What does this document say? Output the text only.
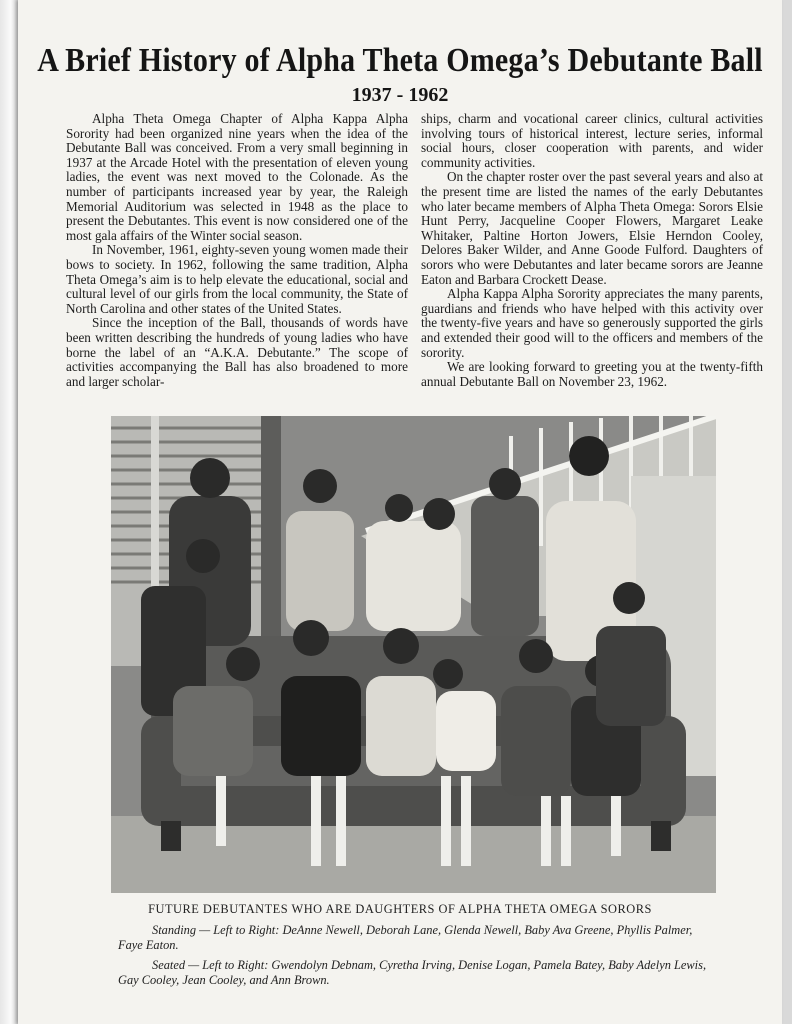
A Brief History of Alpha Theta Omega’s Debutante Ball
1937 - 1962

Alpha Theta Omega Chapter of Alpha Kappa Alpha Sorority had been organized nine years when the idea of the Debutante Ball was conceived. From a very small beginning in 1937 at the Arcade Hotel with the presentation of eleven young ladies, the event was next moved to the Colonade. As the number of participants increased year by year, the Raleigh Memorial Auditorium was selected in 1948 as the place to present the Debutantes. This event is now considered one of the most gala affairs of the Winter social season.

In November, 1961, eighty-seven young women made their bows to society. In 1962, following the same tradition, Alpha Theta Omega’s aim is to help elevate the educational, social and cultural level of our girls from the local community, the State of North Carolina and other states of the United States.

Since the inception of the Ball, thousands of words have been written describing the hundreds of young ladies who have borne the label of an “A.K.A. Debutante.” The scope of activities accompanying the Ball has also broadened to more and larger scholar-

ships, charm and vocational career clinics, cultural activities involving tours of historical interest, lecture series, informal social hours, closer cooperation with parents, and wider community activities.

On the chapter roster over the past several years and also at the present time are listed the names of the early Debutantes who later became members of Alpha Theta Omega: Sorors Elsie Hunt Perry, Jacqueline Cooper Flowers, Margaret Leake Whitaker, Paltine Horton Jowers, Elsie Herndon Cooley, Delores Baker Wilder, and Anne Goode Fulford. Daughters of sorors who were Debutantes and later became sorors are Jeanne Eaton and Barbara Crockett Dease.

Alpha Kappa Alpha Sorority appreciates the many parents, guardians and friends who have helped with this activity over the twenty-five years and have so generously supported the girls and extended their good will to the officers and members of the sorority.

We are looking forward to greeting you at the twenty-fifth annual Debutante Ball on November 23, 1962.

FUTURE DEBUTANTES WHO ARE DAUGHTERS OF ALPHA THETA OMEGA SORORS

Standing — Left to Right: DeAnne Newell, Deborah Lane, Glenda Newell, Baby Ava Greene, Phyllis Palmer, Faye Eaton.

Seated — Left to Right: Gwendolyn Debnam, Cyretha Irving, Denise Logan, Pamela Batey, Baby Adelyn Lewis, Gay Cooley, Jean Cooley, and Ann Brown.
